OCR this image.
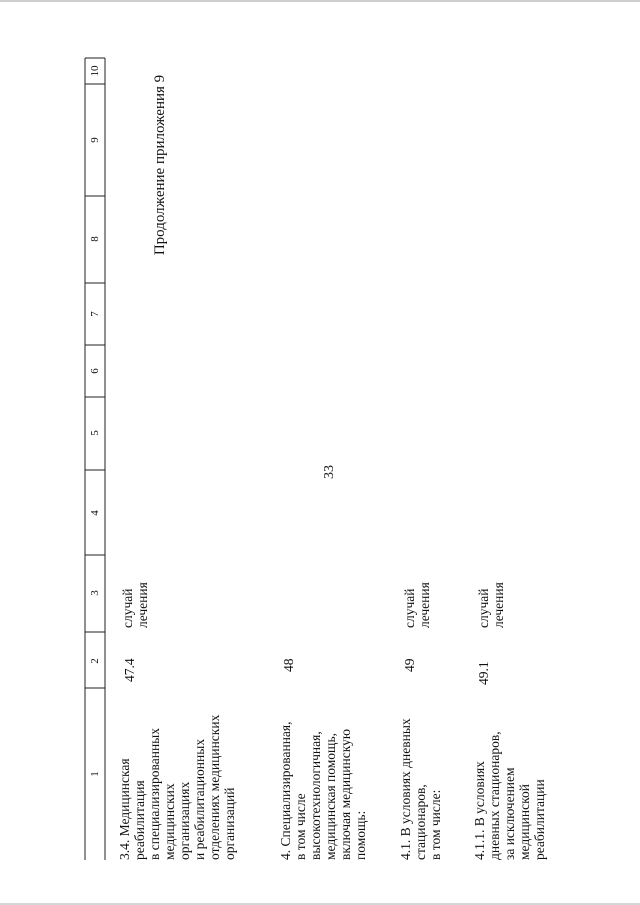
33
Продолжение приложения 9
10
9
8
7
6
5
4
3
2
1
3.4. Медицинская
реабилитация
в специализированных
медицинских
организациях
и реабилитационных
отделениях медицинских
организаций
47.4
случай
лечения
4. Специализированная,
в том числе
высокотехнологичная,
медицинская помощь,
включая медицинскую
помощь:
48
4.1. В условиях дневных
стационаров,
в том числе:
49
случай
лечения
4.1.1. В условиях
дневных стационаров,
за исключением
медицинской
реабилитации
49.1
случай
лечения
